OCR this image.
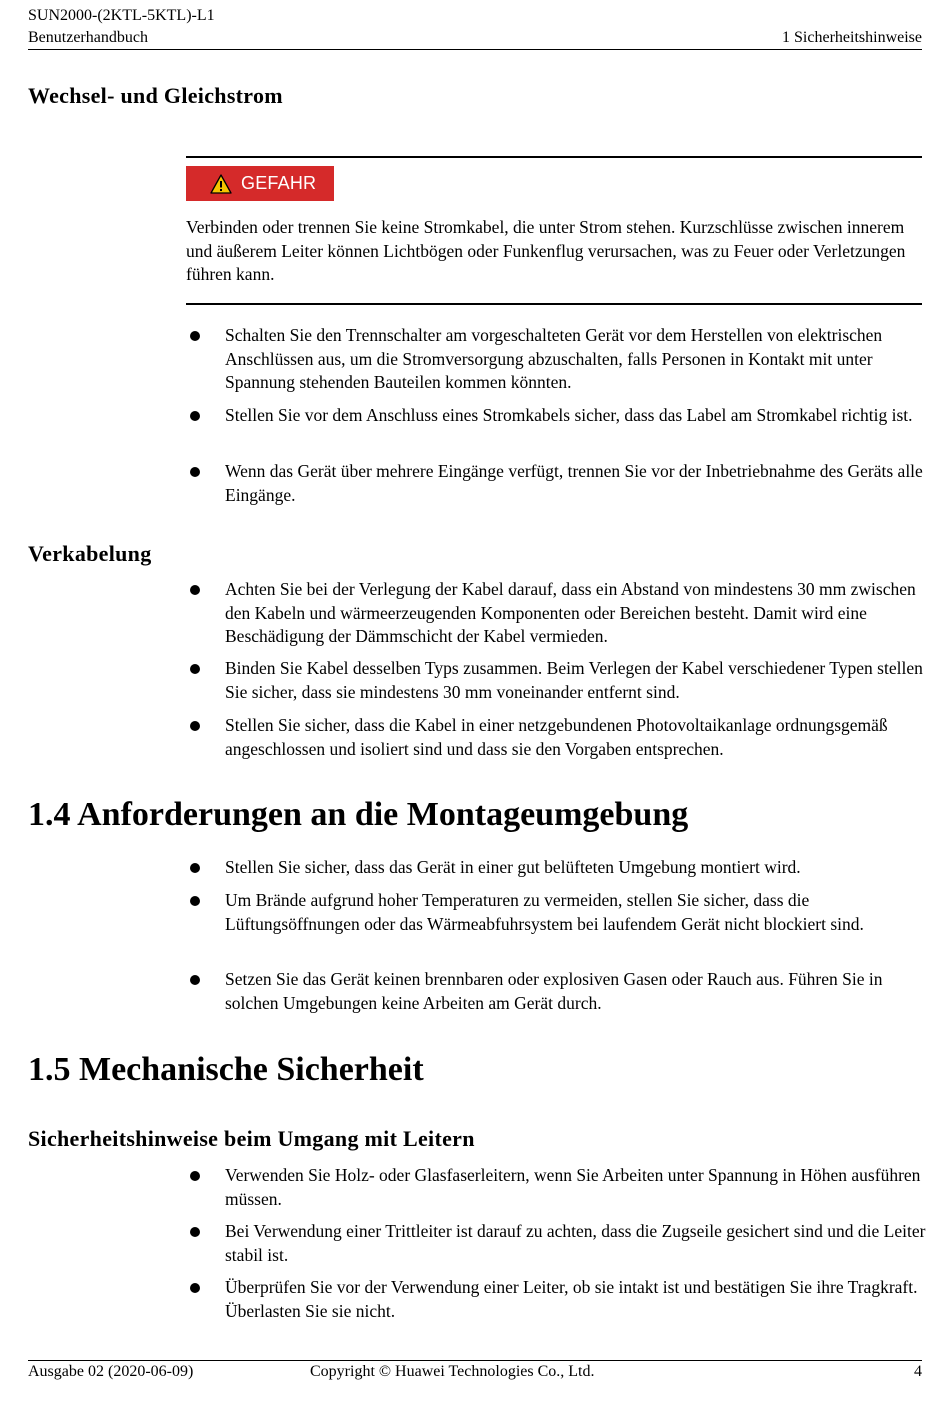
SUN2000-(2KTL-5KTL)-L1
Benutzerhandbuch	1 Sicherheitshinweise
Wechsel- und Gleichstrom
GEFAHR
Verbinden oder trennen Sie keine Stromkabel, die unter Strom stehen. Kurzschlüsse zwischen innerem und äußerem Leiter können Lichtbögen oder Funkenflug verursachen, was zu Feuer oder Verletzungen führen kann.
Schalten Sie den Trennschalter am vorgeschalteten Gerät vor dem Herstellen von elektrischen Anschlüssen aus, um die Stromversorgung abzuschalten, falls Personen in Kontakt mit unter Spannung stehenden Bauteilen kommen könnten.
Stellen Sie vor dem Anschluss eines Stromkabels sicher, dass das Label am Stromkabel richtig ist.
Wenn das Gerät über mehrere Eingänge verfügt, trennen Sie vor der Inbetriebnahme des Geräts alle Eingänge.
Verkabelung
Achten Sie bei der Verlegung der Kabel darauf, dass ein Abstand von mindestens 30 mm zwischen den Kabeln und wärmeerzeugenden Komponenten oder Bereichen besteht. Damit wird eine Beschädigung der Dämmschicht der Kabel vermieden.
Binden Sie Kabel desselben Typs zusammen. Beim Verlegen der Kabel verschiedener Typen stellen Sie sicher, dass sie mindestens 30 mm voneinander entfernt sind.
Stellen Sie sicher, dass die Kabel in einer netzgebundenen Photovoltaikanlage ordnungsgemäß angeschlossen und isoliert sind und dass sie den Vorgaben entsprechen.
1.4 Anforderungen an die Montageumgebung
Stellen Sie sicher, dass das Gerät in einer gut belüfteten Umgebung montiert wird.
Um Brände aufgrund hoher Temperaturen zu vermeiden, stellen Sie sicher, dass die Lüftungsöffnungen oder das Wärmeabfuhrsystem bei laufendem Gerät nicht blockiert sind.
Setzen Sie das Gerät keinen brennbaren oder explosiven Gasen oder Rauch aus. Führen Sie in solchen Umgebungen keine Arbeiten am Gerät durch.
1.5 Mechanische Sicherheit
Sicherheitshinweise beim Umgang mit Leitern
Verwenden Sie Holz- oder Glasfaserleitern, wenn Sie Arbeiten unter Spannung in Höhen ausführen müssen.
Bei Verwendung einer Trittleiter ist darauf zu achten, dass die Zugseile gesichert sind und die Leiter stabil ist.
Überprüfen Sie vor der Verwendung einer Leiter, ob sie intakt ist und bestätigen Sie ihre Tragkraft. Überlasten Sie sie nicht.
Ausgabe 02 (2020-06-09)	Copyright © Huawei Technologies Co., Ltd.	4
